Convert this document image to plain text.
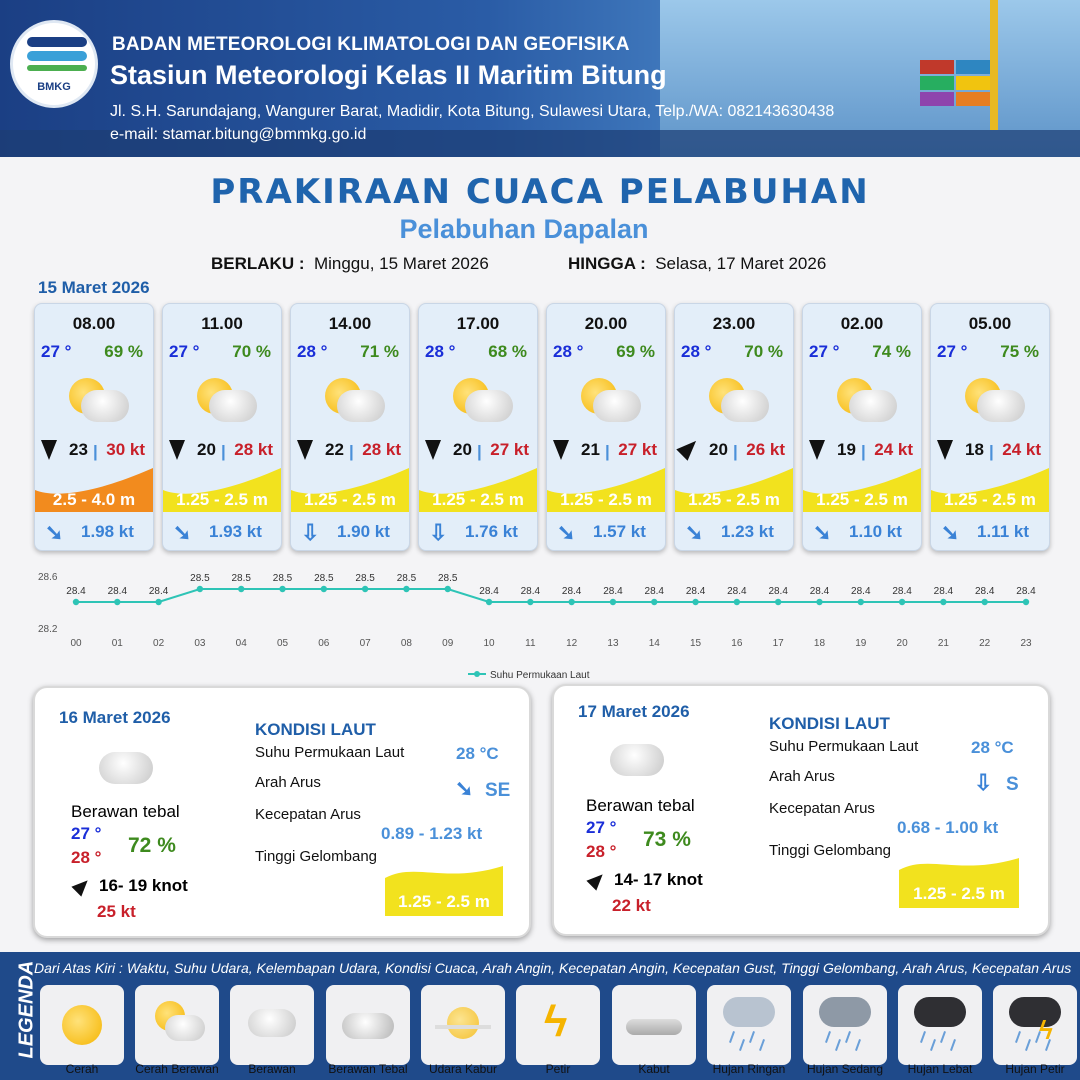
BMKG
BADAN METEOROLOGI KLIMATOLOGI DAN GEOFISIKA
Stasiun Meteorologi Kelas II Maritim Bitung
Jl. S.H. Sarundajang, Wangurer Barat, Madidir, Kota Bitung, Sulawesi Utara, Telp./WA: 082143630438
e-mail: stamar.bitung@bmmkg.go.id
PRAKIRAAN CUACA PELABUHAN
Pelabuhan Dapalan
BERLAKU : Minggu, 15 Maret 2026	HINGGA : Selasa, 17 Maret 2026
15 Maret 2026
08.00
27 ° 69 %
23 | 30 kt
2.5 - 4.0 m
➘ 1.98 kt
11.00
27 ° 70 %
20 | 28 kt
1.25 - 2.5 m
➘ 1.93 kt
14.00
28 ° 71 %
22 | 28 kt
1.25 - 2.5 m
⇩ 1.90 kt
17.00
28 ° 68 %
20 | 27 kt
1.25 - 2.5 m
⇩ 1.76 kt
20.00
28 ° 69 %
21 | 27 kt
1.25 - 2.5 m
➘ 1.57 kt
23.00
28 ° 70 %
20 | 26 kt
1.25 - 2.5 m
➘ 1.23 kt
02.00
27 ° 74 %
19 | 24 kt
1.25 - 2.5 m
➘ 1.10 kt
05.00
27 ° 75 %
18 | 24 kt
1.25 - 2.5 m
➘ 1.11 kt
28.6
28.2
28.4
00
28.4
01
28.4
02
28.5
03
28.5
04
28.5
05
28.5
06
28.5
07
28.5
08
28.5
09
28.4
10
28.4
11
28.4
12
28.4
13
28.4
14
28.4
15
28.4
16
28.4
17
28.4
18
28.4
19
28.4
20
28.4
21
28.4
22
28.4
23
Suhu Permukaan Laut
16 Maret 2026
Berawan tebal
27 °
28 °
72 %
16- 19 knot
25 kt
KONDISI LAUT
Suhu Permukaan Laut	28 °C
Arah Arus	➘ SE
Kecepatan Arus
0.89 - 1.23 kt
Tinggi Gelombang
1.25 - 2.5 m
17 Maret 2026
Berawan tebal
27 °
28 °
73 %
14- 17 knot
22 kt
KONDISI LAUT
Suhu Permukaan Laut	28 °C
Arah Arus	⇩ S
Kecepatan Arus
0.68 - 1.00 kt
Tinggi Gelombang
1.25 - 2.5 m
LEGENDA
Dari Atas Kiri : Waktu, Suhu Udara, Kelembapan Udara, Kondisi Cuaca, Arah Angin, Kecepatan Angin, Kecepatan Gust, Tinggi Gelombang, Arah Arus, Kecepatan Arus
Cerah	Cerah Berawan	Berawan	Berawan Tebal	Udara Kabur
ϟ
Petir	Kabut	Hujan Ringan	Hujan Sedang	Hujan Lebat
ϟ
Hujan Petir
